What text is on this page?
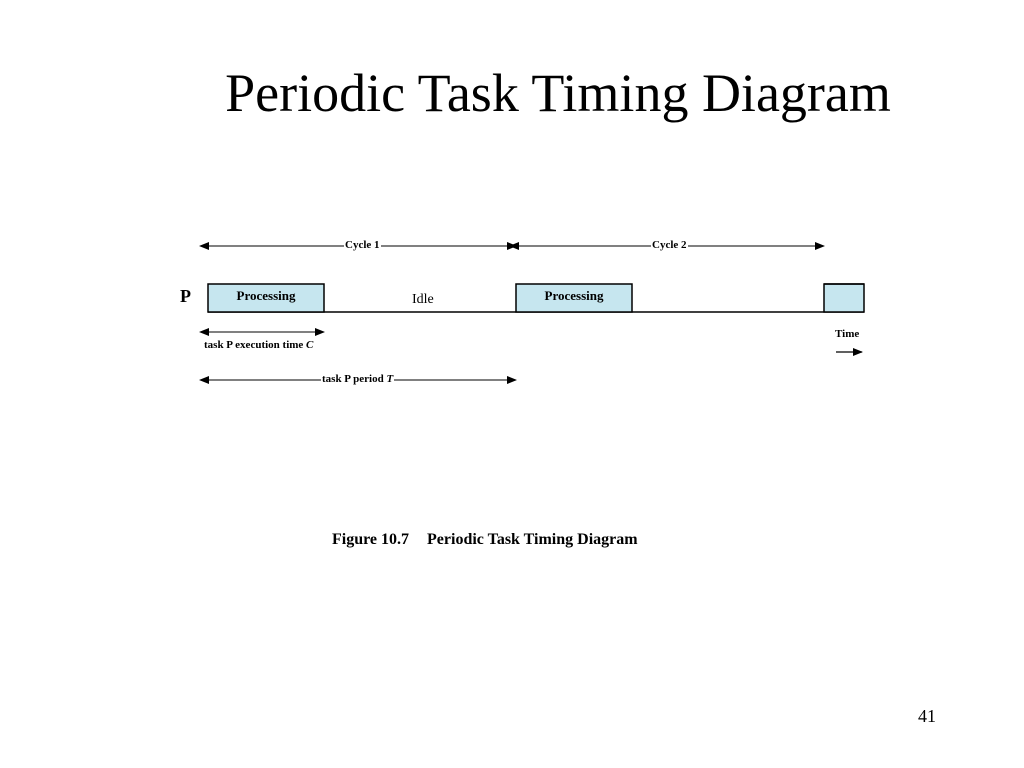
Periodic Task Timing Diagram
Cycle 1	Cycle 2
P	Processing	Processing
Idle
task P execution time C
task P period T
Time
Figure 10.7 Periodic Task Timing Diagram
41
